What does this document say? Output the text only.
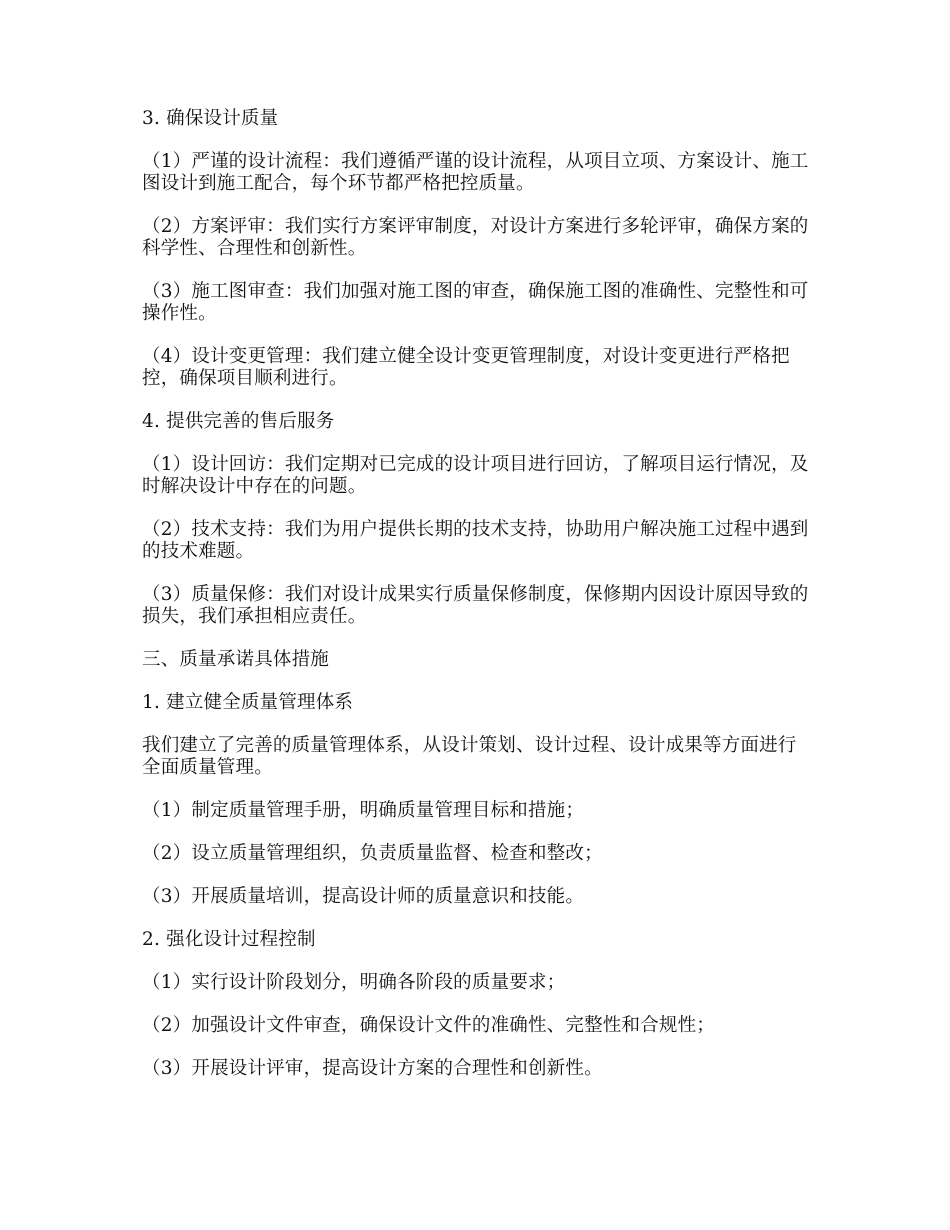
3. 确保设计质量
（1）严谨的设计流程：我们遵循严谨的设计流程，从项目立项、方案设计、施工图设计到施工配合，每个环节都严格把控质量。
（2）方案评审：我们实行方案评审制度，对设计方案进行多轮评审，确保方案的科学性、合理性和创新性。
（3）施工图审查：我们加强对施工图的审查，确保施工图的准确性、完整性和可操作性。
（4）设计变更管理：我们建立健全设计变更管理制度，对设计变更进行严格把控，确保项目顺利进行。
4. 提供完善的售后服务
（1）设计回访：我们定期对已完成的设计项目进行回访，了解项目运行情况，及时解决设计中存在的问题。
（2）技术支持：我们为用户提供长期的技术支持，协助用户解决施工过程中遇到的技术难题。
（3）质量保修：我们对设计成果实行质量保修制度，保修期内因设计原因导致的损失，我们承担相应责任。
三、质量承诺具体措施
1. 建立健全质量管理体系
我们建立了完善的质量管理体系，从设计策划、设计过程、设计成果等方面进行全面质量管理。
（1）制定质量管理手册，明确质量管理目标和措施；
（2）设立质量管理组织，负责质量监督、检查和整改；
（3）开展质量培训，提高设计师的质量意识和技能。
2. 强化设计过程控制
（1）实行设计阶段划分，明确各阶段的质量要求；
（2）加强设计文件审查，确保设计文件的准确性、完整性和合规性；
（3）开展设计评审，提高设计方案的合理性和创新性。
